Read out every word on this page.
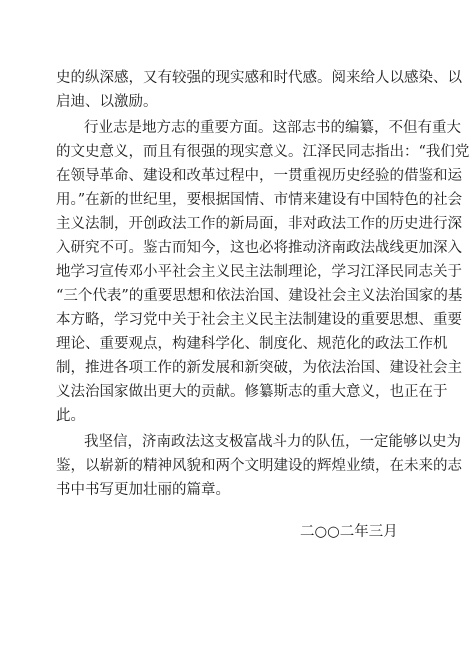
史的纵深感，又有较强的现实感和时代感。阅来给人以感染、以
启迪、以激励。
行业志是地方志的重要方面。这部志书的编纂，不但有重大
的文史意义，而且有很强的现实意义。江泽民同志指出：“我们党
在领导革命、建设和改革过程中，一贯重视历史经验的借鉴和运
用。”在新的世纪里，要根据国情、市情来建设有中国特色的社会
主义法制，开创政法工作的新局面，非对政法工作的历史进行深
入研究不可。鉴古而知今，这也必将推动济南政法战线更加深入
地学习宣传邓小平社会主义民主法制理论，学习江泽民同志关于
“三个代表”的重要思想和依法治国、建设社会主义法治国家的基
本方略，学习党中关于社会主义民主法制建设的重要思想、重要
理论、重要观点，构建科学化、制度化、规范化的政法工作机
制，推进各项工作的新发展和新突破，为依法治国、建设社会主
义法治国家做出更大的贡献。修纂斯志的重大意义，也正在于
此。
我坚信，济南政法这支极富战斗力的队伍，一定能够以史为
鉴，以崭新的精神风貌和两个文明建设的辉煌业绩，在未来的志
书中书写更加壮丽的篇章。
二○○二年三月
